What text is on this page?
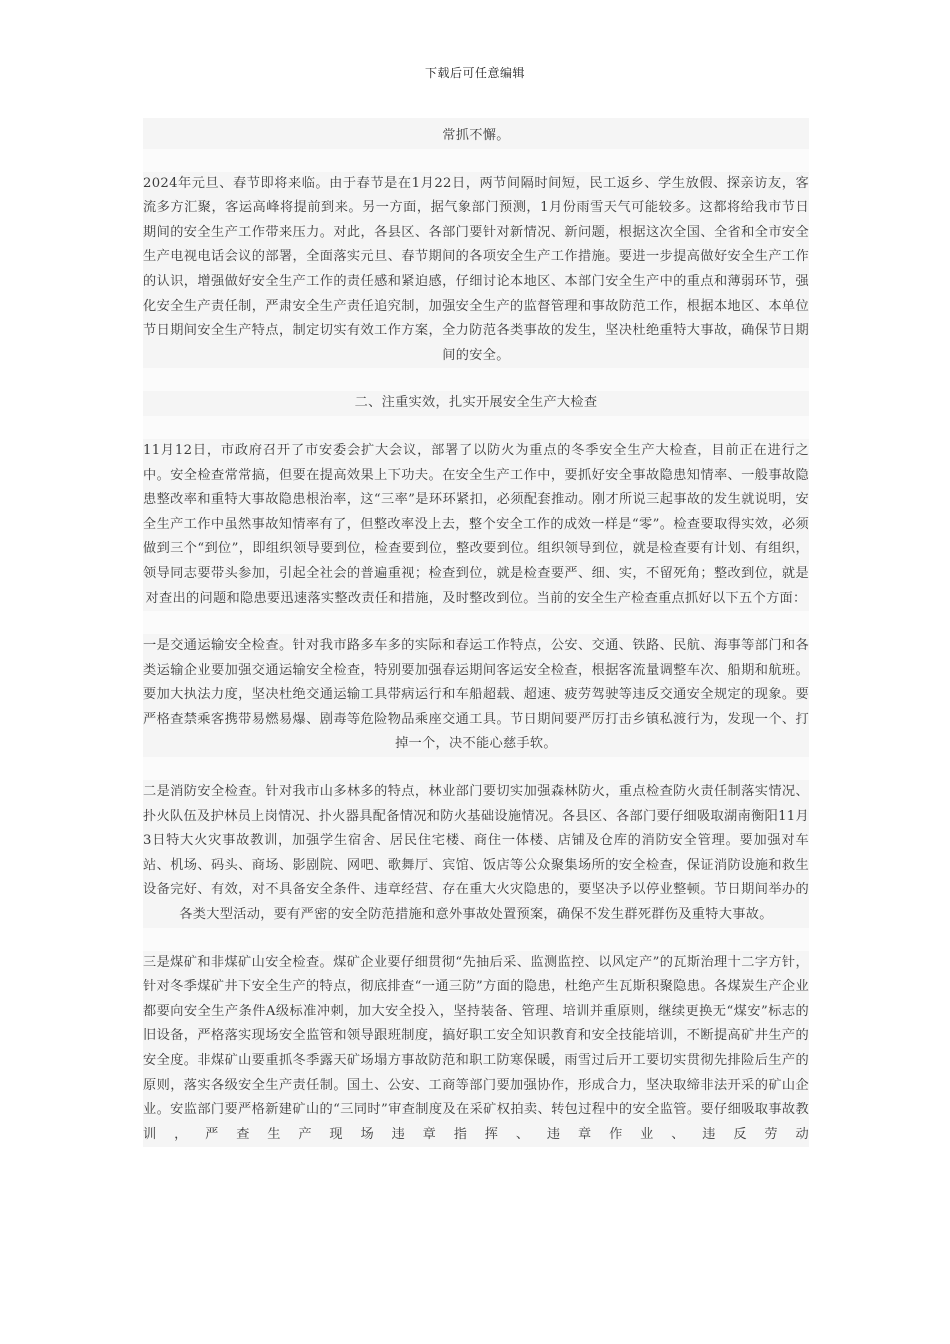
下载后可任意编辑

常抓不懈。

2024年元旦、春节即将来临。由于春节是在1月22日，两节间隔时间短，民工返乡、学生放假、探亲访友，客流多方汇聚，客运高峰将提前到来。另一方面，据气象部门预测，1月份雨雪天气可能较多。这都将给我市节日期间的安全生产工作带来压力。对此，各县区、各部门要针对新情况、新问题，根据这次全国、全省和全市安全生产电视电话会议的部署，全面落实元旦、春节期间的各项安全生产工作措施。要进一步提高做好安全生产工作的认识，增强做好安全生产工作的责任感和紧迫感，仔细讨论本地区、本部门安全生产中的重点和薄弱环节，强化安全生产责任制，严肃安全生产责任追究制，加强安全生产的监督管理和事故防范工作，根据本地区、本单位节日期间安全生产特点，制定切实有效工作方案，全力防范各类事故的发生，坚决杜绝重特大事故，确保节日期间的安全。

二、注重实效，扎实开展安全生产大检查

11月12日，市政府召开了市安委会扩大会议，部署了以防火为重点的冬季安全生产大检查，目前正在进行之中。安全检查常常搞，但要在提高效果上下功夫。在安全生产工作中，要抓好安全事故隐患知情率、一般事故隐患整改率和重特大事故隐患根治率，这“三率”是环环紧扣，必须配套推动。刚才所说三起事故的发生就说明，安全生产工作中虽然事故知情率有了，但整改率没上去，整个安全工作的成效一样是“零”。检查要取得实效，必须做到三个“到位”，即组织领导要到位，检查要到位，整改要到位。组织领导到位，就是检查要有计划、有组织，领导同志要带头参加，引起全社会的普遍重视；检查到位，就是检查要严、细、实，不留死角；整改到位，就是对查出的问题和隐患要迅速落实整改责任和措施，及时整改到位。当前的安全生产检查重点抓好以下五个方面：

一是交通运输安全检查。针对我市路多车多的实际和春运工作特点，公安、交通、铁路、民航、海事等部门和各类运输企业要加强交通运输安全检查，特别要加强春运期间客运安全检查，根据客流量调整车次、船期和航班。要加大执法力度，坚决杜绝交通运输工具带病运行和车船超载、超速、疲劳驾驶等违反交通安全规定的现象。要严格查禁乘客携带易燃易爆、剧毒等危险物品乘座交通工具。节日期间要严厉打击乡镇私渡行为，发现一个、打掉一个，决不能心慈手软。

二是消防安全检查。针对我市山多林多的特点，林业部门要切实加强森林防火，重点检查防火责任制落实情况、扑火队伍及护林员上岗情况、扑火器具配备情况和防火基础设施情况。各县区、各部门要仔细吸取湖南衡阳11月3日特大火灾事故教训，加强学生宿舍、居民住宅楼、商住一体楼、店铺及仓库的消防安全管理。要加强对车站、机场、码头、商场、影剧院、网吧、歌舞厅、宾馆、饭店等公众聚集场所的安全检查，保证消防设施和救生设备完好、有效，对不具备安全条件、违章经营、存在重大火灾隐患的，要坚决予以停业整顿。节日期间举办的各类大型活动，要有严密的安全防范措施和意外事故处置预案，确保不发生群死群伤及重特大事故。

三是煤矿和非煤矿山安全检查。煤矿企业要仔细贯彻“先抽后采、监测监控、以风定产”的瓦斯治理十二字方针，针对冬季煤矿井下安全生产的特点，彻底排查“一通三防”方面的隐患，杜绝产生瓦斯积聚隐患。各煤炭生产企业都要向安全生产条件A级标准冲刺，加大安全投入，坚持装备、管理、培训并重原则，继续更换无“煤安”标志的旧设备，严格落实现场安全监管和领导跟班制度，搞好职工安全知识教育和安全技能培训，不断提高矿井生产的安全度。非煤矿山要重抓冬季露天矿场塌方事故防范和职工防寒保暖，雨雪过后开工要切实贯彻先排险后生产的原则，落实各级安全生产责任制。国土、公安、工商等部门要加强协作，形成合力，坚决取缔非法开采的矿山企业。安监部门要严格新建矿山的“三同时”审查制度及在采矿权拍卖、转包过程中的安全监管。要仔细吸取事故教训，严查生产现场违章指挥、违章作业、违反劳动
